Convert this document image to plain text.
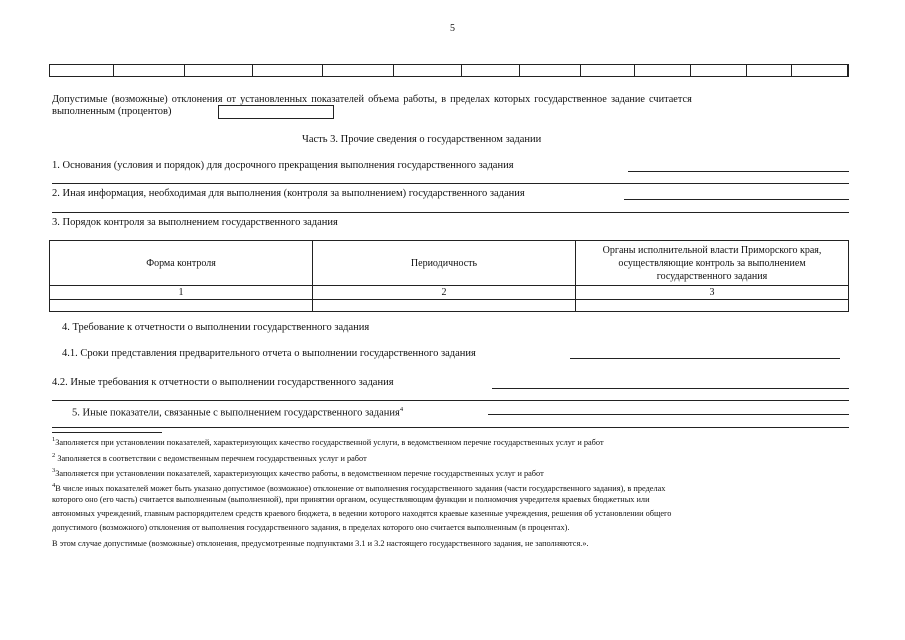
5

Допустимые (возможные) отклонения от установленных показателей объема работы, в пределах которых государственное задание считается
выполненным (процентов)
Часть 3. Прочие сведения о государственном задании
1. Основания (условия и порядок) для досрочного прекращения выполнения государственного задания
2. Иная информация, необходимая для выполнения (контроля за выполнением) государственного задания
3. Порядок контроля за выполнением государственного задания
Форма контроля	Периодичность	Органы исполнительной власти Приморского края, осуществляющие контроль за выполнением государственного задания
1	2	3

4. Требование к отчетности о выполнении государственного задания
4.1. Сроки представления предварительного отчета о выполнении государственного задания
4.2. Иные требования к отчетности о выполнении государственного задания
5. Иные показатели, связанные с выполнением государственного задания$^4$
$^1$Заполняется при установлении показателей, характеризующих качество государственной услуги, в ведомственном перечне государственных услуг и работ
$^2$ Заполняется в соответствии с ведомственным перечнем государственных услуг и работ
$^3$Заполняется при установлении показателей, характеризующих качество работы, в ведомственном перечне государственных услуг и работ
$^4$В числе иных показателей может быть указано допустимое (возможное) отклонение от выполнения государственного задания (части государственного задания), в пределах
которого оно (его часть) считается выполненным (выполненной), при принятии органом, осуществляющим функции и полномочия учредителя краевых бюджетных или
автономных учреждений, главным распорядителем средств краевого бюджета, в ведении которого находятся краевые казенные учреждения, решения об установлении общего
допустимого (возможного) отклонения от выполнения государственного задания, в пределах которого оно считается выполненным (в процентах).
В этом случае допустимые (возможные) отклонения, предусмотренные подпунктами 3.1 и 3.2 настоящего государственного задания, не заполняются.».
